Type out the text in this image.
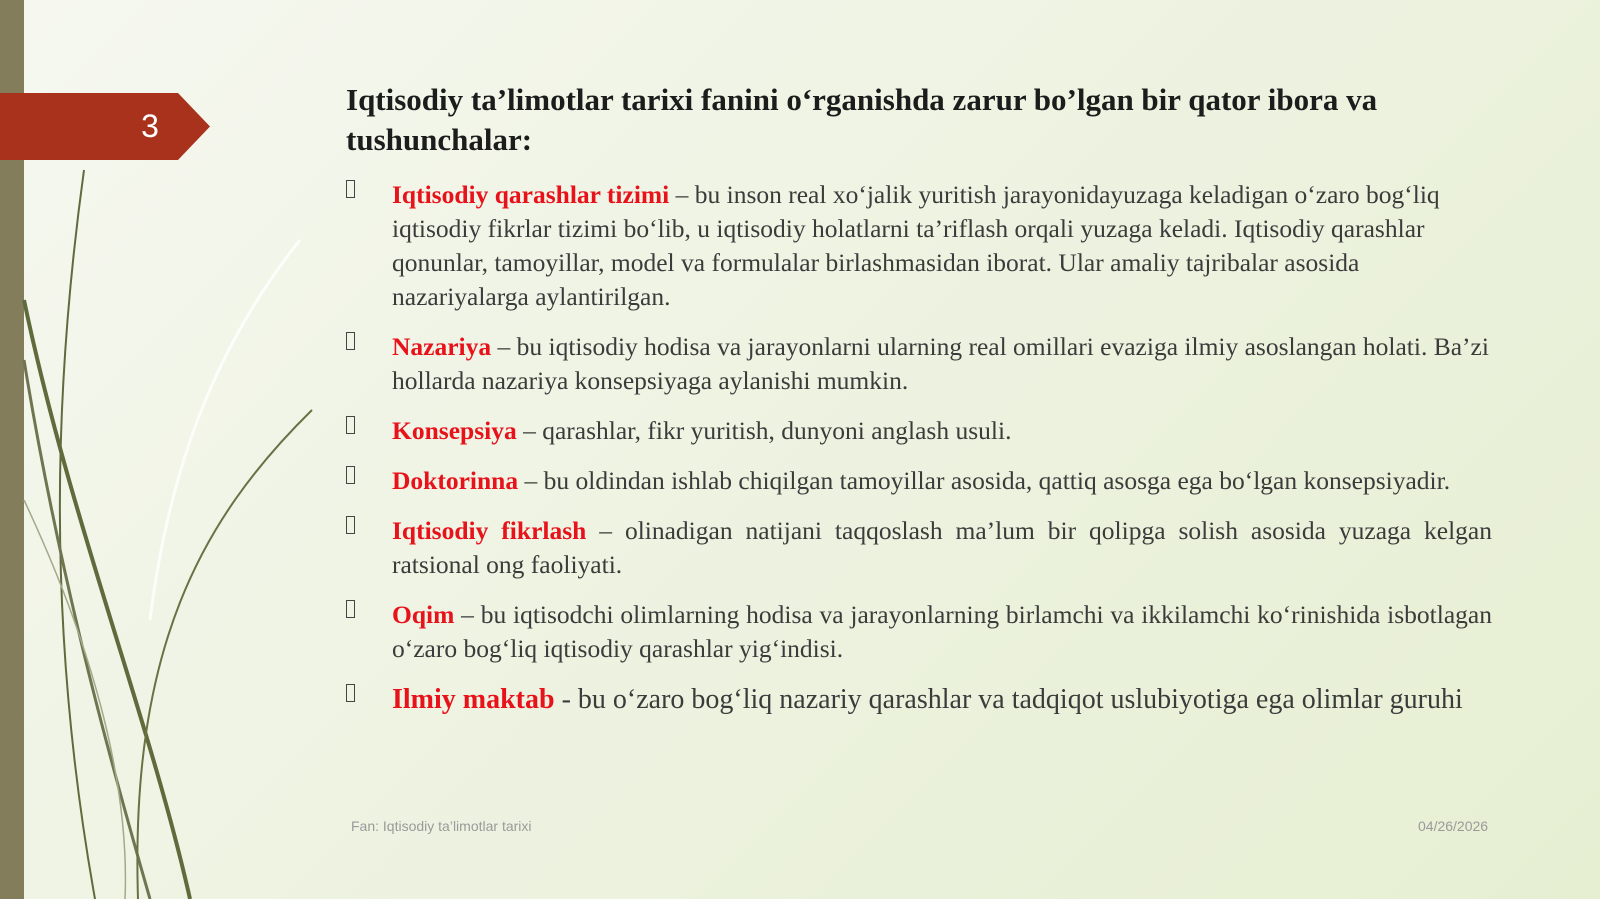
3
Iqtisodiy ta’limotlar tarixi fanini o‘rganishda zarur bo’lgan bir qator ibora va tushunchalar:
Iqtisodiy qarashlar tizimi – bu inson real xo‘jalik yuritish jarayonidayuzaga keladigan o‘zaro bog‘liq iqtisodiy fikrlar tizimi bo‘lib, u iqtisodiy holatlarni ta’riflash orqali yuzaga keladi. Iqtisodiy qarashlar qonunlar, tamoyillar, model va formulalar birlashmasidan iborat. Ular amaliy tajribalar asosida nazariyalarga aylantirilgan.
Nazariya – bu iqtisodiy hodisa va jarayonlarni ularning real omillari evaziga ilmiy asoslangan holati. Ba’zi hollarda nazariya konsepsiyaga aylanishi mumkin.
Konsepsiya – qarashlar, fikr yuritish, dunyoni anglash usuli.
Doktorinna – bu oldindan ishlab chiqilgan tamoyillar asosida, qattiq asosga ega bo‘lgan konsepsiyadir.
Iqtisodiy fikrlash – olinadigan natijani taqqoslash ma’lum bir qolipga solish asosida yuzaga kelgan ratsional ong faoliyati.
Oqim – bu iqtisodchi olimlarning hodisa va jarayonlarning birlamchi va ikkilamchi ko‘rinishida isbotlagan o‘zaro bog‘liq iqtisodiy qarashlar yig‘indisi.
Ilmiy maktab - bu o‘zaro bog‘liq nazariy qarashlar va tadqiqot uslubiyotiga ega olimlar guruhi
Fan: Iqtisodiy ta’limotlar tarixi	04/26/2026
